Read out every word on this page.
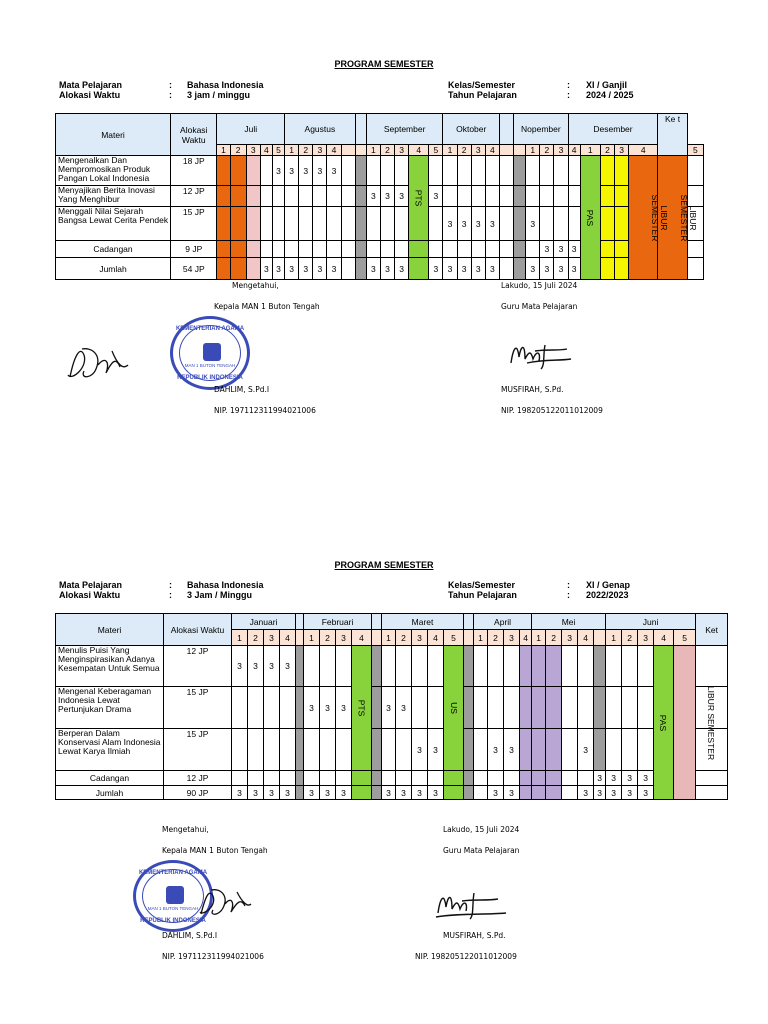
PROGRAM SEMESTER
Mata Pelajaran	: Bahasa Indonesia
Alokasi Waktu	: 3 jam / minggu
Kelas/Semester	: XI / Ganjil
Tahun Pelajaran	: 2024 / 2025
Materi	Alokasi Waktu	Juli					Agustus						September					Oktober					Nopember				Desember					Ke t	
		1	2	3	4	5	1	2	3	4			1	2	3	4	5	1	2	3	4			1	2	3	4	1	2	3	4		5
Mengenalkan Dan Mempromosikan Produk Pangan Lokal Indonesia	18 JP					3	3	3	3	3						PTS												PAS			LIBUR SEMESTER	LIBUR SEMESTER	
Menyajikan Berita Inovasi Yang Menghibur	12 JP												3	3	3		3																
Menggali Nilai Sejarah Bangsa Lewat Cerita Pendek	15 JP																	3	3	3	3			3									
Cadangan	9 JP																								3	3	3						
Jumlah	54 JP				3	3	3	3	3	3			3	3	3		3	3	3	3	3			3	3	3	3						
Mengetahui,
Kepala MAN 1 Buton Tengah
Lakudo, 15 Juli 2024
Guru Mata Pelajaran
KEMENTERIAN AGAMA
MAN 1 BUTON TENGAH
REPUBLIK INDONESIA
DAHLIM, S.Pd.I
NIP. 197112311994021006
MUSFIRAH, S.Pd.
NIP. 198205122011012009
PROGRAM SEMESTER
Mata Pelajaran	: Bahasa Indonesia
Alokasi Waktu	: 3 Jam / Minggu
Kelas/Semester	: XI / Genap
Tahun Pelajaran	: 2022/2023
Materi	Alokasi Waktu	Januari					Februari					Maret						April				Mei					Juni					Ket
		1	2	3	4		1	2	3	4		1	2	3	4	5		1	2	3	4	1	2	3	4		1	2	3	4	5	
Menulis Puisi Yang Menginspirasikan Adanya Kesempatan Untuk Semua	12 JP	3	3	3	3					PTS						US														PAS	LIBUR SEMESTER	
Mengenal Keberagaman Indonesia Lewat Pertunjukan Drama	15 JP						3	3	3			3	3																			
Berperan Dalam Konservasi Alam Indonesia Lewat Karya Ilmiah	15 JP													3	3				3	3					3							
Cadangan	12 JP																									3	3	3	3			
Jumlah	90 JP	3	3	3	3		3	3	3			3	3	3	3				3	3					3	3	3	3	3			
Mengetahui,
Kepala MAN 1 Buton Tengah
Lakudo, 15 Juli 2024
Guru Mata Pelajaran
KEMENTERIAN AGAMA
MAN 1 BUTON TENGAH
REPUBLIK INDONESIA
DAHLIM, S.Pd.I
NIP. 197112311994021006
MUSFIRAH, S.Pd.
NIP. 198205122011012009
